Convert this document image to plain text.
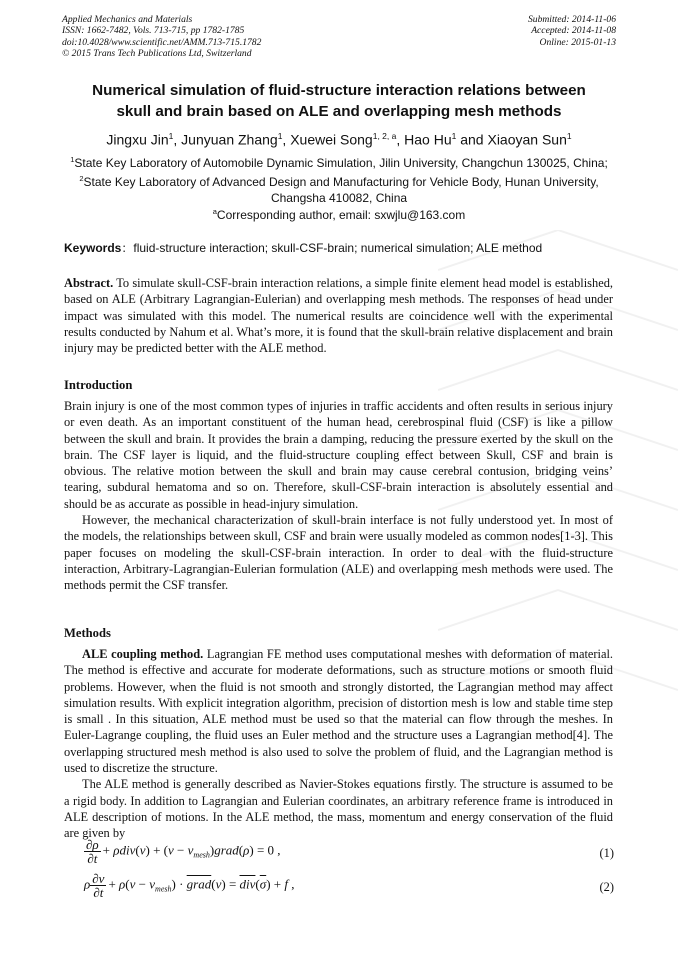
Applied Mechanics and Materials
ISSN: 1662-7482, Vols. 713-715, pp 1782-1785
doi:10.4028/www.scientific.net/AMM.713-715.1782
© 2015 Trans Tech Publications Ltd, Switzerland
Submitted: 2014-11-06
Accepted: 2014-11-08
Online: 2015-01-13
Numerical simulation of fluid-structure interaction relations between
skull and brain based on ALE and overlapping mesh methods
Jingxu Jin$^1$, Junyuan Zhang$^1$, Xuewei Song$^{1, 2, a}$, Hao Hu$^1$ and Xiaoyan Sun$^1$
$^1$State Key Laboratory of Automobile Dynamic Simulation, Jilin University, Changchun 130025, China; $^2$State Key Laboratory of Advanced Design and Manufacturing for Vehicle Body, Hunan University, Changsha 410082, China
$^a$Corresponding author, email: sxwjlu@163.com
Keywords：fluid-structure interaction; skull-CSF-brain; numerical simulation; ALE method

Abstract. To simulate skull-CSF-brain interaction relations, a simple finite element head model is established, based on ALE (Arbitrary Lagrangian-Eulerian) and overlapping mesh methods. The responses of head under impact was simulated with this model. The numerical results are coincidence well with the experimental results conducted by Nahum et al. What’s more, it is found that the skull-brain relative displacement and brain injury may be predicted better with the ALE method.

Introduction

Brain injury is one of the most common types of injuries in traffic accidents and often results in serious injury or even death. As an important constituent of the human head, cerebrospinal fluid (CSF) is like a pillow between the skull and brain. It provides the brain a damping, reducing the pressure exerted by the skull on the brain. The CSF layer is liquid, and the fluid-structure coupling effect between Skull, CSF and brain is obvious. The relative motion between the skull and brain may cause cerebral contusion, bridging veins’ tearing, subdural hematoma and so on. Therefore, skull-CSF-brain interaction is absolutely essential and should be as accurate as possible in head-injury simulation.

However, the mechanical characterization of skull-brain interface is not fully understood yet. In most of the models, the relationships between skull, CSF and brain were usually modeled as common nodes[1-3]. This paper focuses on modeling the skull-CSF-brain interaction. In order to deal with the fluid-structure interaction, Arbitrary-Lagrangian-Eulerian formulation (ALE) and overlapping mesh methods were used. The methods permit the CSF transfer.

Methods

ALE coupling method. Lagrangian FE method uses computational meshes with deformation of material. The method is effective and accurate for moderate deformations, such as structure motions or smooth fluid problems. However, when the fluid is not smooth and strongly distorted, the Lagrangian method may affect simulation results. With explicit integration algorithm, precision of distortion mesh is low and stable time step is small . In this situation, ALE method must be used so that the material can flow through the meshes. In Euler-Lagrange coupling, the fluid uses an Euler method and the structure uses a Lagrangian method[4]. The overlapping structured mesh method is also used to solve the problem of fluid, and the Lagrangian method is used to discretize the structure.

The ALE method is generally described as Navier-Stokes equations firstly. The structure is assumed to be a rigid body. In addition to Lagrangian and Eulerian coordinates, an arbitrary reference frame is introduced in ALE description of motions. In the ALE method, the mass, momentum and energy conservation of the fluid are given by

$\frac{\partial\rho}{\partial t} + \rho div(v) + (v$ − $v_{mesh})grad(\rho) = 0$ ,	(1)
ρ $\frac{\partial v}{\partial t} + \rho(v - v_{mesh})$ · grad(v) = $\overline{div}(\overline{\sigma}) + f$ ,	(2)
